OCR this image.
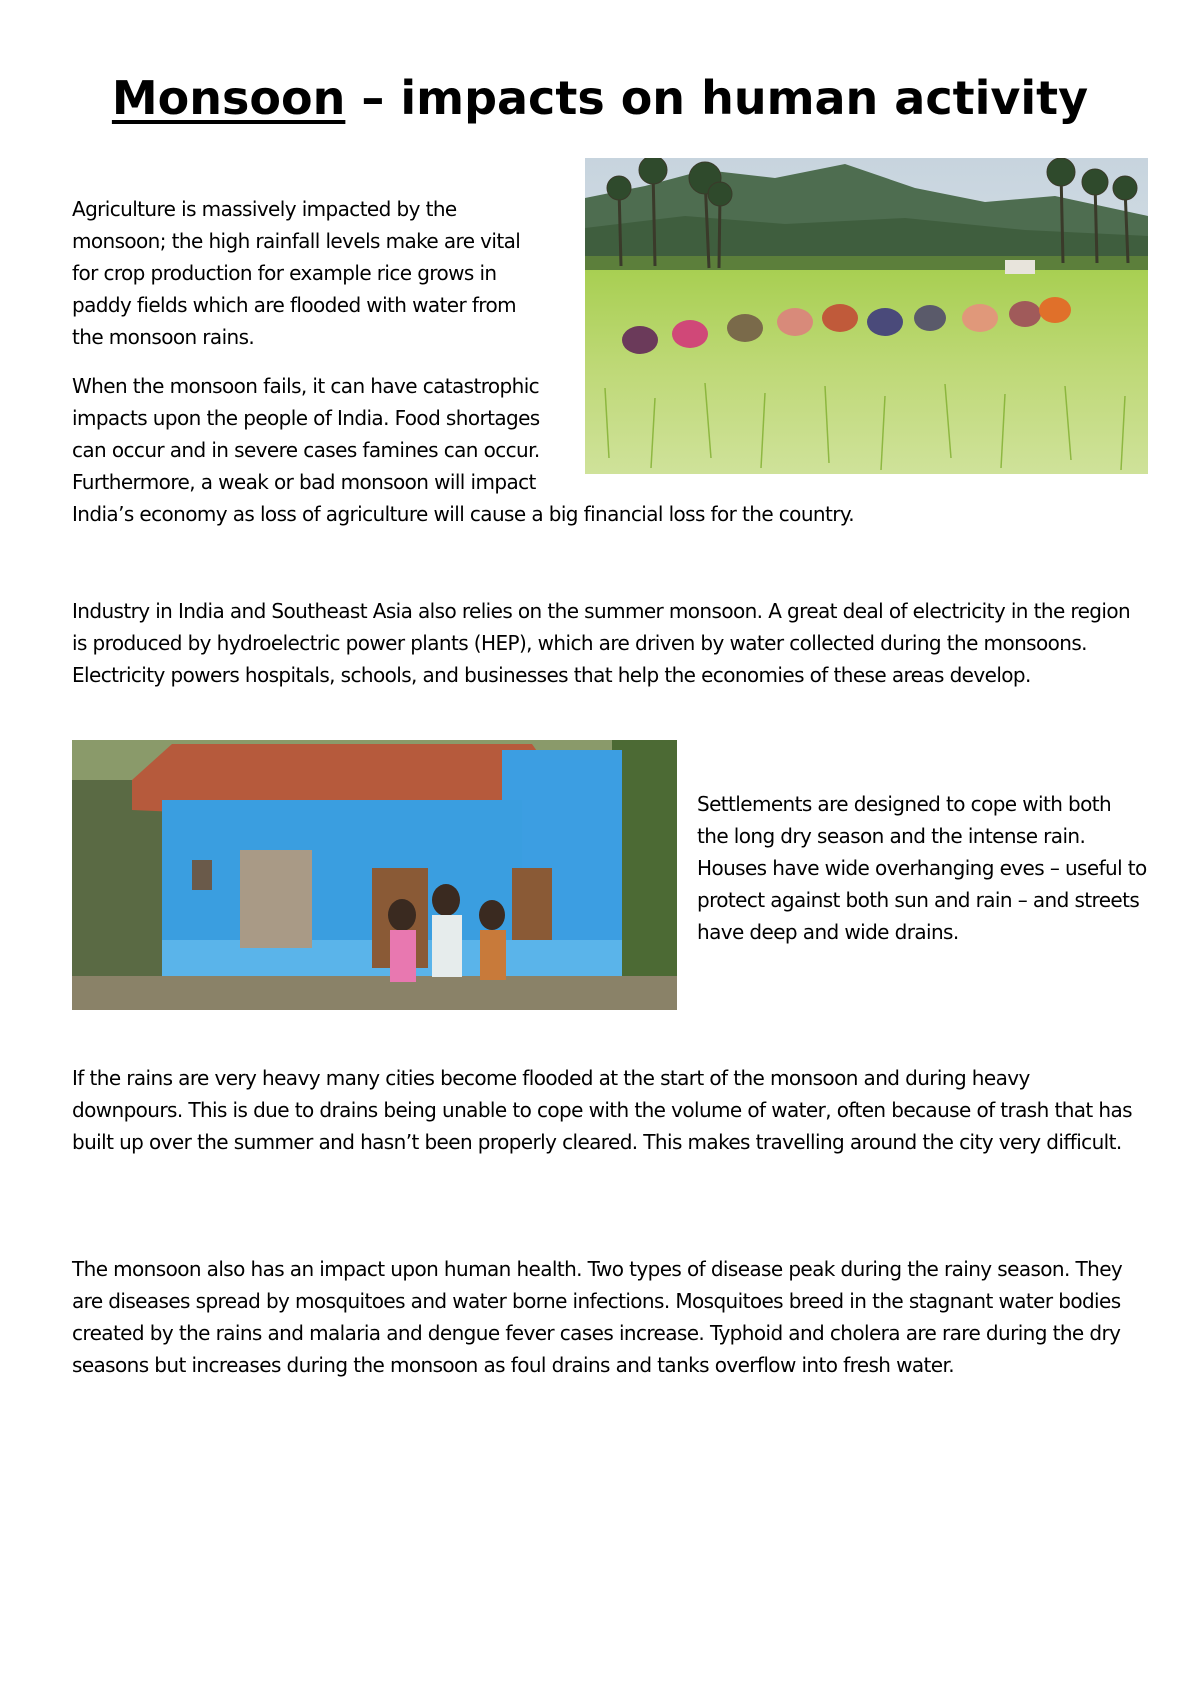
Monsoon – impacts on human activity

Agriculture is massively impacted by the monsoon; the high rainfall levels make are vital for crop production for example rice grows in paddy fields which are flooded with water from the monsoon rains.

When the monsoon fails, it can have catastrophic impacts upon the people of India. Food shortages can occur and in severe cases famines can occur. Furthermore, a weak or bad monsoon will impact India’s economy as loss of agriculture will cause a big financial loss for the country.

Industry in India and Southeast Asia also relies on the summer monsoon. A great deal of electricity in the region is produced by hydroelectric power plants (HEP), which are driven by water collected during the monsoons. Electricity powers hospitals, schools, and businesses that help the economies of these areas develop.

Settlements are designed to cope with both the long dry season and the intense rain. Houses have wide overhanging eves – useful to protect against both sun and rain – and streets have deep and wide drains.

If the rains are very heavy many cities become flooded at the start of the monsoon and during heavy downpours. This is due to drains being unable to cope with the volume of water, often because of trash that has built up over the summer and hasn’t been properly cleared. This makes travelling around the city very difficult.

The monsoon also has an impact upon human health. Two types of disease peak during the rainy season. They are diseases spread by mosquitoes and water borne infections. Mosquitoes breed in the stagnant water bodies created by the rains and malaria and dengue fever cases increase. Typhoid and cholera are rare during the dry seasons but increases during the monsoon as foul drains and tanks overflow into fresh water.
